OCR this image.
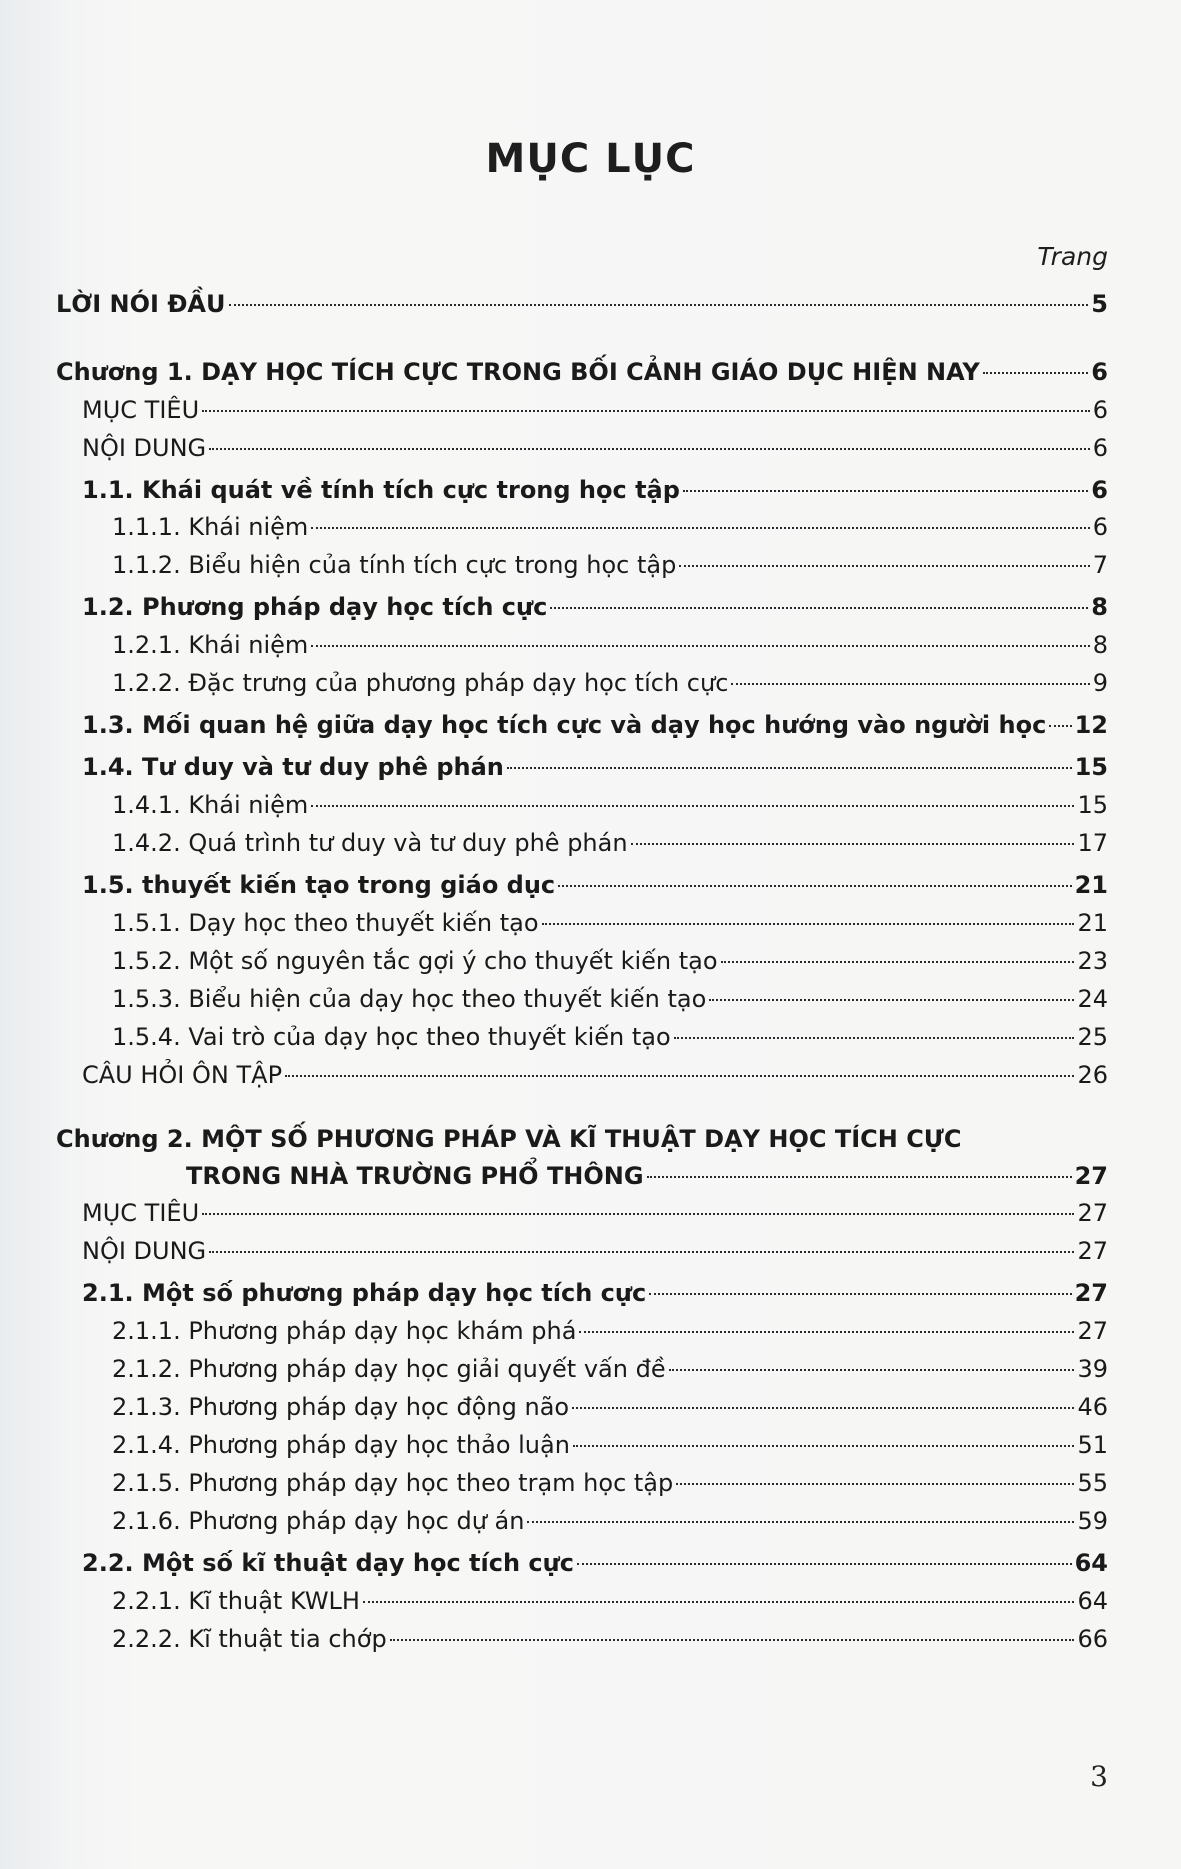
MỤC LỤC
Trang
LỜI NÓI ĐẦU	5
Chương 1. DẠY HỌC TÍCH CỰC TRONG BỐI CẢNH GIÁO DỤC HIỆN NAY	6
MỤC TIÊU	6
NỘI DUNG	6
1.1. Khái quát về tính tích cực trong học tập	6
1.1.1. Khái niệm	6
1.1.2. Biểu hiện của tính tích cực trong học tập	7
1.2. Phương pháp dạy học tích cực	8
1.2.1. Khái niệm	8
1.2.2. Đặc trưng của phương pháp dạy học tích cực	9
1.3. Mối quan hệ giữa dạy học tích cực và dạy học hướng vào người học 12
1.4. Tư duy và tư duy phê phán	15
1.4.1. Khái niệm	15
1.4.2. Quá trình tư duy và tư duy phê phán	17
1.5. thuyết kiến tạo trong giáo dục	21
1.5.1. Dạy học theo thuyết kiến tạo	21
1.5.2. Một số nguyên tắc gợi ý cho thuyết kiến tạo	23
1.5.3. Biểu hiện của dạy học theo thuyết kiến tạo	24
1.5.4. Vai trò của dạy học theo thuyết kiến tạo	25
CÂU HỎI ÔN TẬP	26
Chương 2. MỘT SỐ PHƯƠNG PHÁP VÀ KĨ THUẬT DẠY HỌC TÍCH CỰC
TRONG NHÀ TRƯỜNG PHỔ THÔNG	27
MỤC TIÊU	27
NỘI DUNG	27
2.1. Một số phương pháp dạy học tích cực	27
2.1.1. Phương pháp dạy học khám phá	27
2.1.2. Phương pháp dạy học giải quyết vấn đề	39
2.1.3. Phương pháp dạy học động não	46
2.1.4. Phương pháp dạy học thảo luận	51
2.1.5. Phương pháp dạy học theo trạm học tập	55
2.1.6. Phương pháp dạy học dự án	59
2.2. Một số kĩ thuật dạy học tích cực	64
2.2.1. Kĩ thuật KWLH	64
2.2.2. Kĩ thuật tia chớp	66
3
